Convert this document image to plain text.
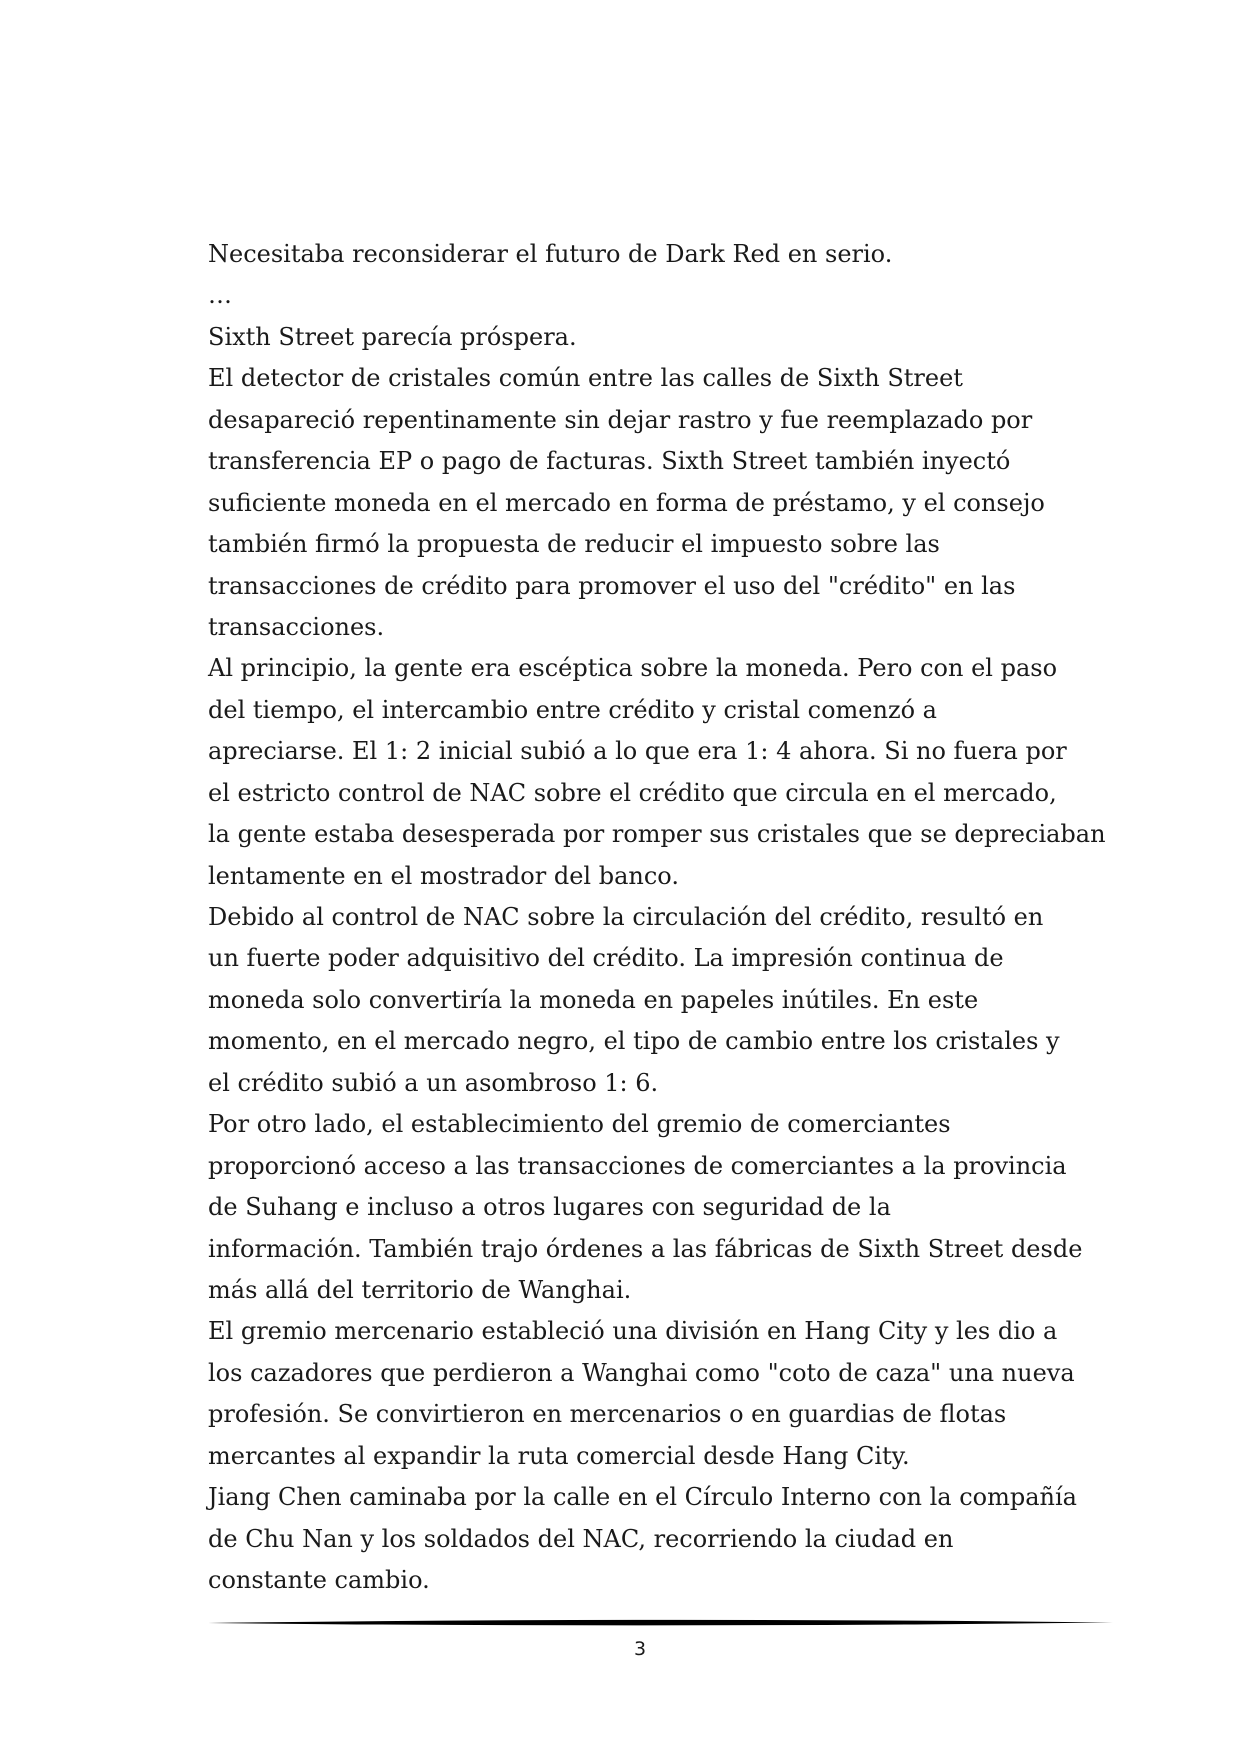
Necesitaba reconsiderar el futuro de Dark Red en serio.
…
Sixth Street parecía próspera.
El detector de cristales común entre las calles de Sixth Street
desapareció repentinamente sin dejar rastro y fue reemplazado por
transferencia EP o pago de facturas. Sixth Street también inyectó
suficiente moneda en el mercado en forma de préstamo, y el consejo
también firmó la propuesta de reducir el impuesto sobre las
transacciones de crédito para promover el uso del "crédito" en las
transacciones.
Al principio, la gente era escéptica sobre la moneda. Pero con el paso
del tiempo, el intercambio entre crédito y cristal comenzó a
apreciarse. El 1: 2 inicial subió a lo que era 1: 4 ahora. Si no fuera por
el estricto control de NAC sobre el crédito que circula en el mercado,
la gente estaba desesperada por romper sus cristales que se depreciaban
lentamente en el mostrador del banco.
Debido al control de NAC sobre la circulación del crédito, resultó en
un fuerte poder adquisitivo del crédito. La impresión continua de
moneda solo convertiría la moneda en papeles inútiles. En este
momento, en el mercado negro, el tipo de cambio entre los cristales y
el crédito subió a un asombroso 1: 6.
Por otro lado, el establecimiento del gremio de comerciantes
proporcionó acceso a las transacciones de comerciantes a la provincia
de Suhang e incluso a otros lugares con seguridad de la
información. También trajo órdenes a las fábricas de Sixth Street desde
más allá del territorio de Wanghai.
El gremio mercenario estableció una división en Hang City y les dio a
los cazadores que perdieron a Wanghai como "coto de caza" una nueva
profesión. Se convirtieron en mercenarios o en guardias de flotas
mercantes al expandir la ruta comercial desde Hang City.
Jiang Chen caminaba por la calle en el Círculo Interno con la compañía
de Chu Nan y los soldados del NAC, recorriendo la ciudad en
constante cambio.
3
